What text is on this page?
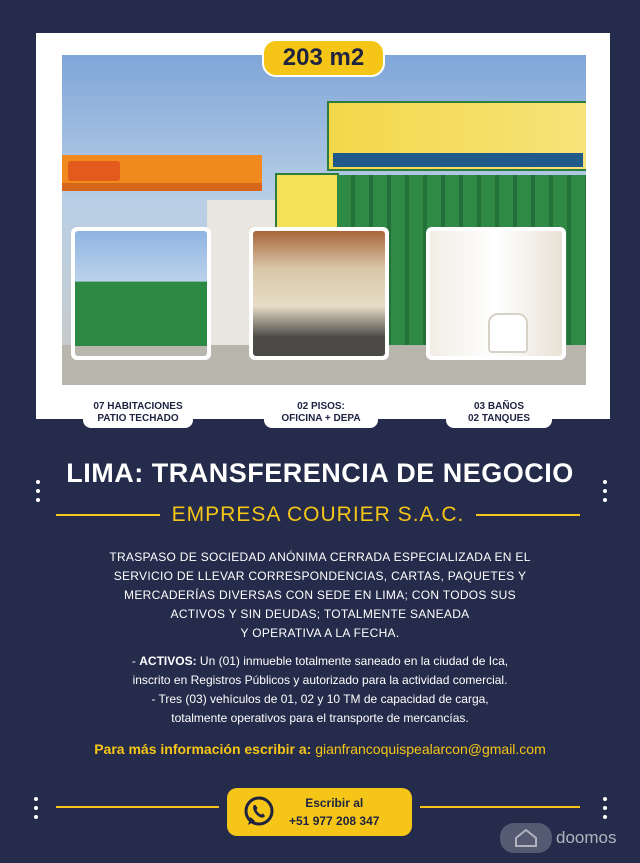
203 m2
07 HABITACIONES
PATIO TECHADO
02 PISOS:
OFICINA + DEPA
03 BAÑOS
02 TANQUES
LIMA: TRANSFERENCIA DE NEGOCIO
EMPRESA COURIER S.A.C.
TRASPASO DE SOCIEDAD ANÓNIMA CERRADA ESPECIALIZADA EN EL
SERVICIO DE LLEVAR CORRESPONDENCIAS, CARTAS, PAQUETES Y
MERCADERÍAS DIVERSAS CON SEDE EN LIMA; CON TODOS SUS
ACTIVOS Y SIN DEUDAS; TOTALMENTE SANEADA
Y OPERATIVA A LA FECHA.
- ACTIVOS: Un (01) inmueble totalmente saneado en la ciudad de Ica,
inscrito en Registros Públicos y autorizado para la actividad comercial.
- Tres (03) vehículos de 01, 02 y 10 TM de capacidad de carga,
totalmente operativos para el transporte de mercancías.
Para más información escribir a: gianfrancoquispealarcon@gmail.com
Escribir al
+51 977 208 347
doomos
